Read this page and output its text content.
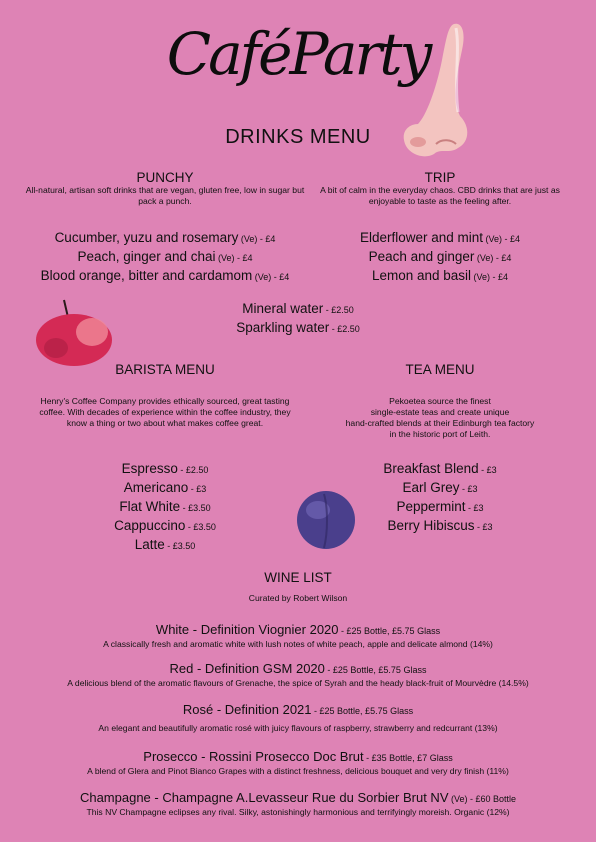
CaféParty
DRINKS MENU
PUNCHY
All-natural, artisan soft drinks that are vegan, gluten free, low in sugar but pack a punch.
Cucumber, yuzu and rosemary (Ve) - £4
Peach, ginger and chai (Ve) - £4
Blood orange, bitter and cardamom (Ve) - £4
TRIP
A bit of calm in the everyday chaos. CBD drinks that are just as enjoyable to taste as the feeling after.
Elderflower and mint (Ve) - £4
Peach and ginger (Ve) - £4
Lemon and basil (Ve) - £4
Mineral water - £2.50
Sparkling water - £2.50
BARISTA MENU
Henry's Coffee Company provides ethically sourced, great tasting coffee. With decades of experience within the coffee industry, they know a thing or two about what makes coffee great.
Espresso - £2.50
Americano - £3
Flat White - £3.50
Cappuccino - £3.50
Latte - £3.50
TEA MENU
Pekoetea source the finest
single-estate teas and create unique
hand-crafted blends at their Edinburgh tea factory
in the historic port of Leith.
Breakfast Blend - £3
Earl Grey - £3
Peppermint - £3
Berry Hibiscus - £3
WINE LIST
Curated by Robert Wilson
White - Definition Viognier 2020 - £25 Bottle, £5.75 Glass
A classically fresh and aromatic white with lush notes of white peach, apple and delicate almond (14%)
Red - Definition GSM 2020 - £25 Bottle, £5.75 Glass
A delicious blend of the aromatic flavours of Grenache, the spice of Syrah and the heady black-fruit of Mourvèdre (14.5%)
Rosé - Definition 2021 - £25 Bottle, £5.75 Glass
An elegant and beautifully aromatic rosé with juicy flavours of raspberry, strawberry and redcurrant (13%)
Prosecco - Rossini Prosecco Doc Brut - £35 Bottle, £7 Glass
A blend of Glera and Pinot Bianco Grapes with a distinct freshness, delicious bouquet and very dry finish (11%)
Champagne - Champagne A.Levasseur Rue du Sorbier Brut NV (Ve) - £60 Bottle
This NV Champagne eclipses any rival. Silky, astonishingly harmonious and terrifyingly moreish. Organic (12%)
